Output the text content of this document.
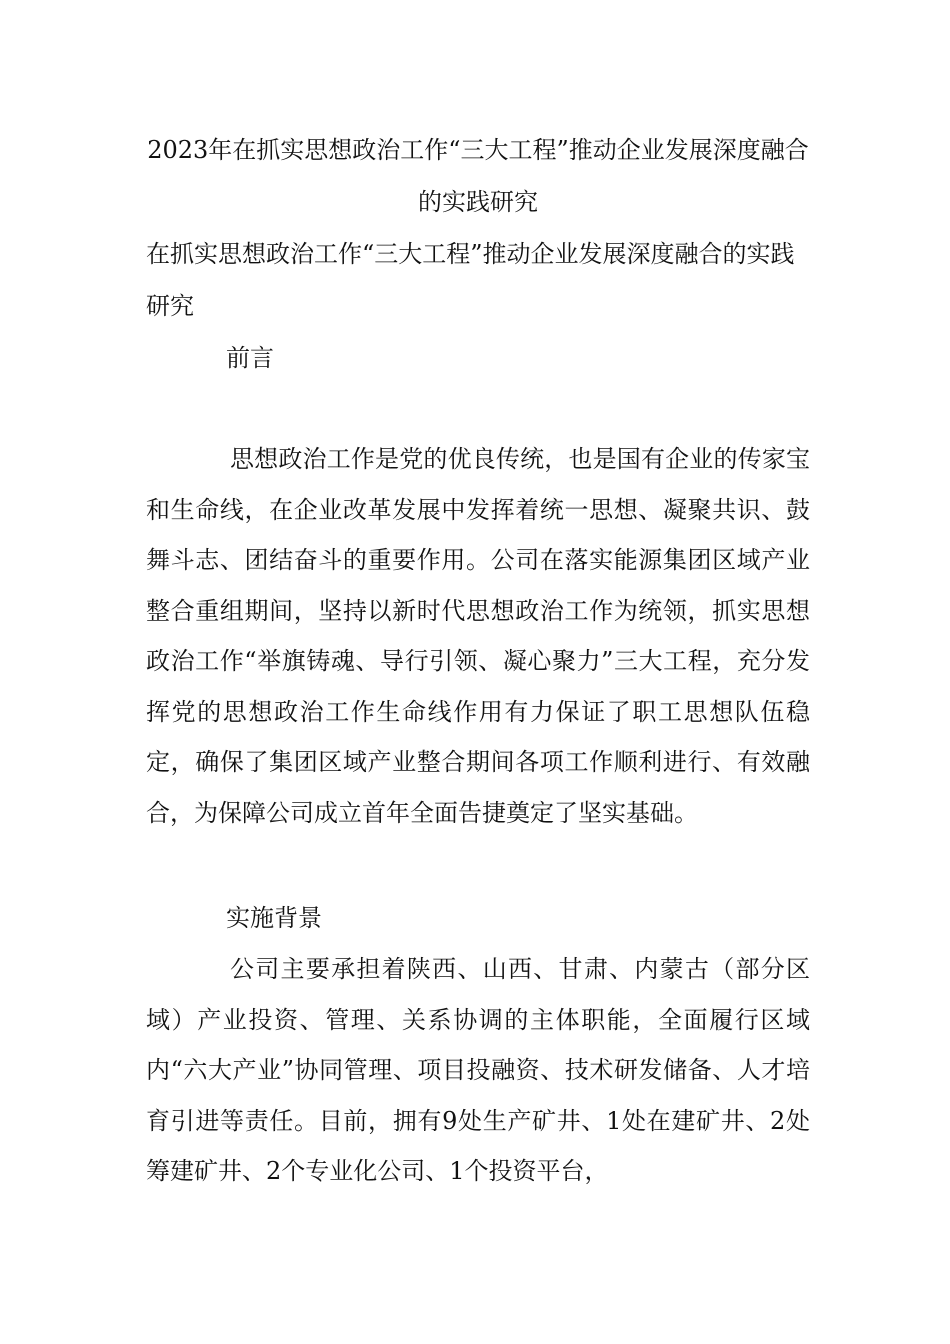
2023年在抓实思想政治工作“三大工程”推动企业发展深度融合的实践研究

在抓实思想政治工作“三大工程”推动企业发展深度融合的实践研究

前言

思想政治工作是党的优良传统，也是国有企业的传家宝和生命线，在企业改革发展中发挥着统一思想、凝聚共识、鼓舞斗志、团结奋斗的重要作用。公司在落实能源集团区域产业整合重组期间，坚持以新时代思想政治工作为统领，抓实思想政治工作“举旗铸魂、导行引领、凝心聚力”三大工程，充分发挥党的思想政治工作生命线作用有力保证了职工思想队伍稳定，确保了集团区域产业整合期间各项工作顺利进行、有效融合，为保障公司成立首年全面告捷奠定了坚实基础。

实施背景

公司主要承担着陕西、山西、甘肃、内蒙古（部分区域）产业投资、管理、关系协调的主体职能，全面履行区域内“六大产业”协同管理、项目投融资、技术研发储备、人才培育引进等责任。目前，拥有9处生产矿井、1处在建矿井、2处筹建矿井、2个专业化公司、1个投资平台，
